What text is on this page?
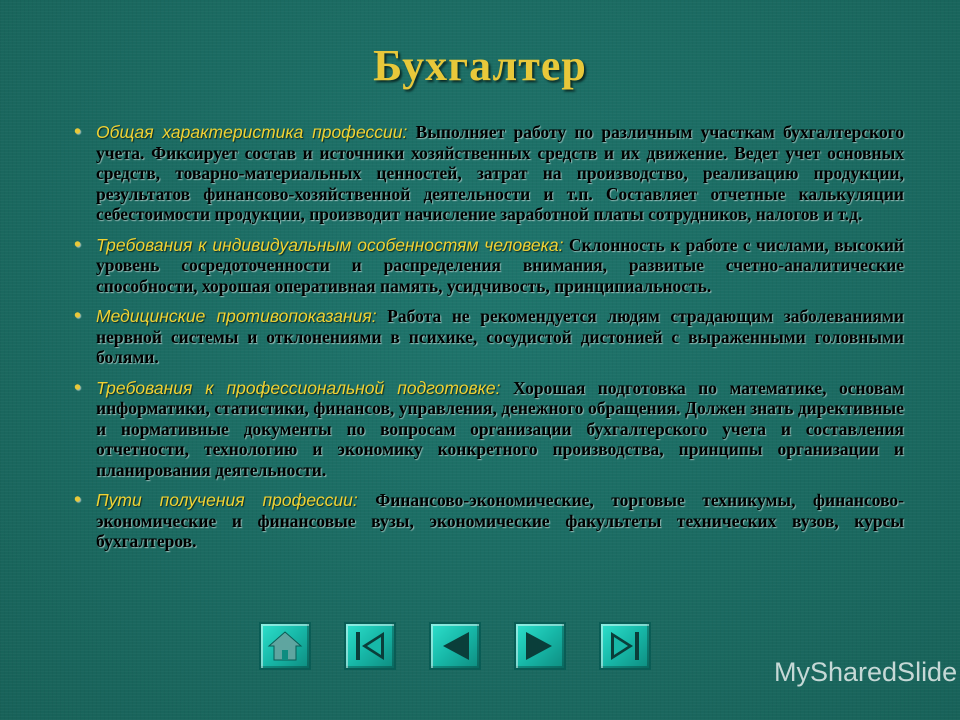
Бухгалтер
• Общая характеристика профессии: Выполняет работу по различным участкам бухгалтерского учета. Фиксирует состав и источники хозяйственных средств и их движение. Ведет учет основных средств, товарно-материальных ценностей, затрат на производство, реализацию продукции, результатов финансово-хозяйственной деятельности и т.п. Составляет отчетные калькуляции себестоимости продукции, производит начисление заработной платы сотрудников, налогов и т.д.
• Требования к индивидуальным особенностям человека: Склонность к работе с числами, высокий уровень сосредоточенности и распределения внимания, развитые счетно-аналитические способности, хорошая оперативная память, усидчивость, принципиальность.
• Медицинские противопоказания: Работа не рекомендуется людям страдающим заболеваниями нервной системы и отклонениями в психике, сосудистой дистонией с выраженными головными болями.
• Требования к профессиональной подготовке: Хорошая подготовка по математике, основам информатики, статистики, финансов, управления, денежного обращения. Должен знать директивные и нормативные документы по вопросам организации бухгалтерского учета и составления отчетности, технологию и экономику конкретного производства, принципы организации и планирования деятельности.
• Пути получения профессии: Финансово-экономические, торговые техникумы, финансово-экономические и финансовые вузы, экономические факультеты технических вузов, курсы бухгалтеров.
MySharedSlide
